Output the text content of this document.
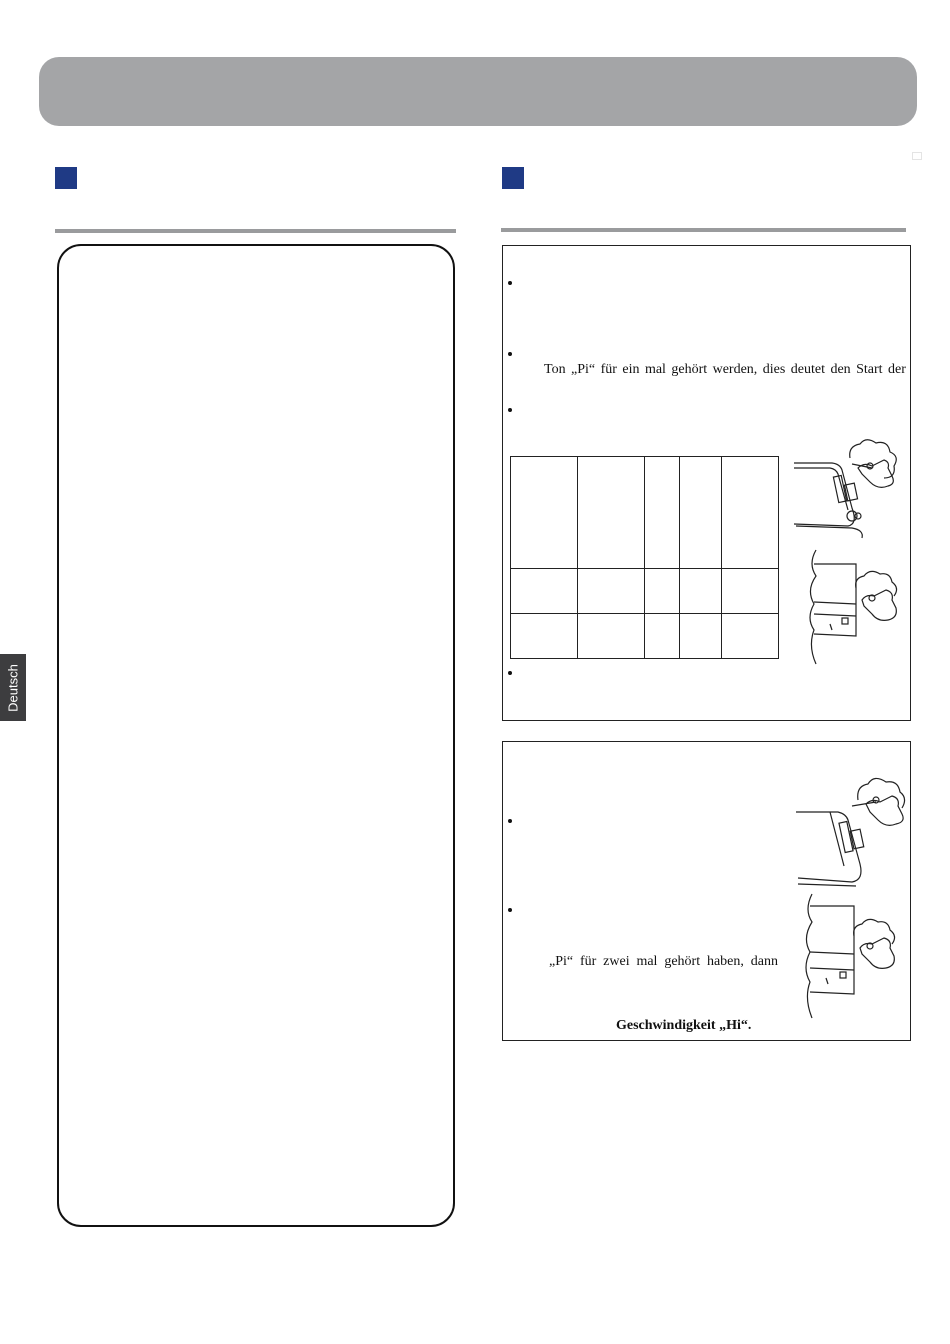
Deutsch
Ton „Pi“ für ein mal gehört werden, dies deutet den Start der

„Pi“ für zwei mal gehört haben, dann
Geschwindigkeit „Hi“.
